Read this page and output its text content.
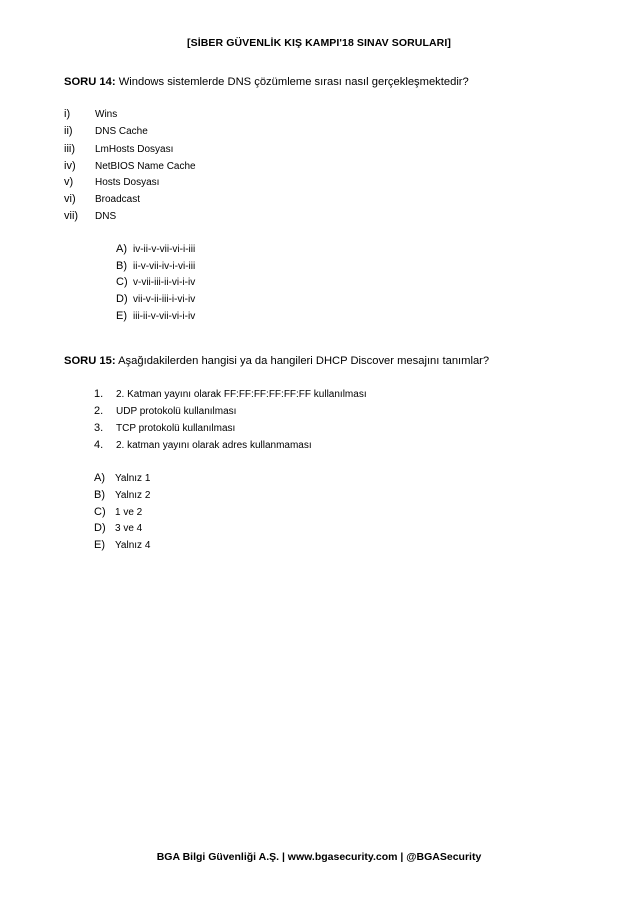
[SİBER GÜVENLİK KIŞ KAMPI'18 SINAV SORULARI]
SORU 14: Windows sistemlerde DNS çözümleme sırası nasıl gerçekleşmektedir?
i) Wins
ii) DNS Cache
iii) LmHosts Dosyası
iv) NetBIOS Name Cache
v) Hosts Dosyası
vi) Broadcast
vii) DNS
A) iv-ii-v-vii-vi-i-iii
B) ii-v-vii-iv-i-vi-iii
C) v-vii-iii-ii-vi-i-iv
D) vii-v-ii-iii-i-vi-iv
E) iii-ii-v-vii-vi-i-iv
SORU 15: Aşağıdakilerden hangisi ya da hangileri DHCP Discover mesajını tanımlar?
1. 2. Katman yayını olarak FF:FF:FF:FF:FF:FF kullanılması
2. UDP protokolü kullanılması
3. TCP protokolü kullanılması
4. 2. katman yayını olarak adres kullanmaması
A) Yalnız 1
B) Yalnız 2
C) 1 ve 2
D) 3 ve 4
E) Yalnız 4
BGA Bilgi Güvenliği A.Ş. | www.bgasecurity.com | @BGASecurity
